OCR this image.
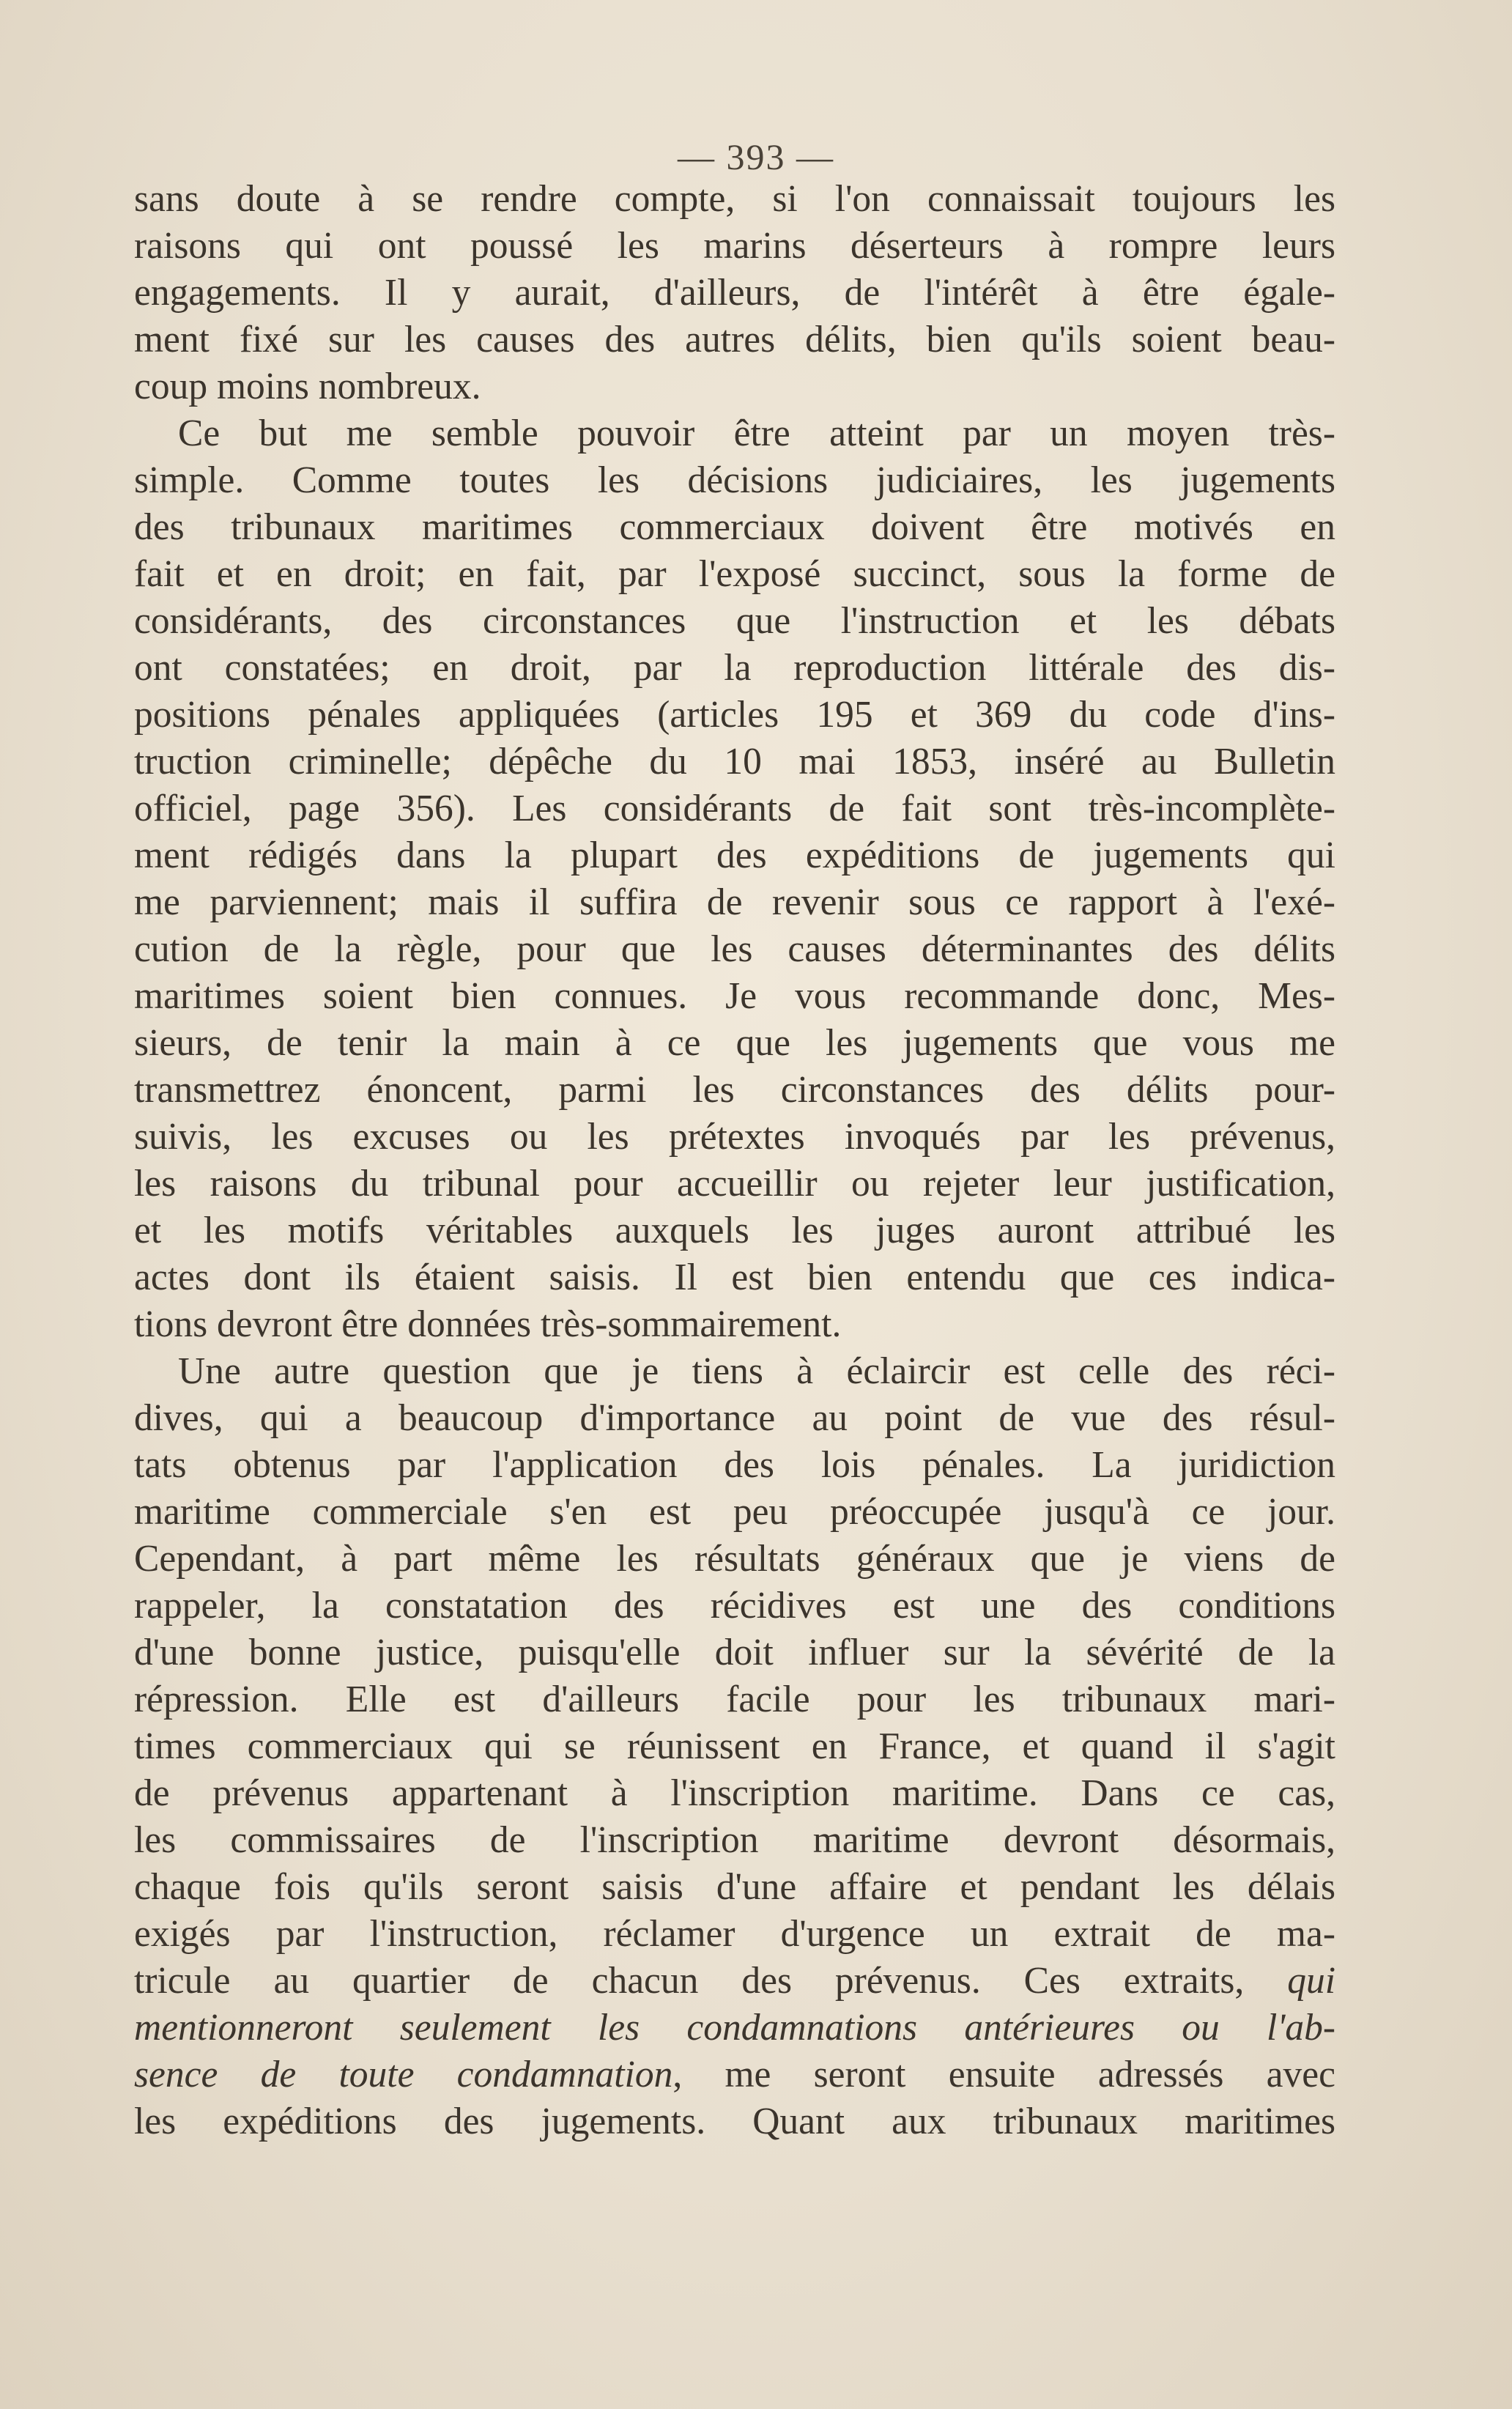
— 393 —
sans doute à se rendre compte, si l'on connaissait toujours les
raisons qui ont poussé les marins déserteurs à rompre leurs
engagements. Il y aurait, d'ailleurs, de l'intérêt à être égale-
ment fixé sur les causes des autres délits, bien qu'ils soient beau-
coup moins nombreux.
Ce but me semble pouvoir être atteint par un moyen très-
simple. Comme toutes les décisions judiciaires, les jugements
des tribunaux maritimes commerciaux doivent être motivés en
fait et en droit; en fait, par l'exposé succinct, sous la forme de
considérants, des circonstances que l'instruction et les débats
ont constatées; en droit, par la reproduction littérale des dis-
positions pénales appliquées (articles 195 et 369 du code d'ins-
truction criminelle; dépêche du 10 mai 1853, inséré au Bulletin
officiel, page 356). Les considérants de fait sont très-incomplète-
ment rédigés dans la plupart des expéditions de jugements qui
me parviennent; mais il suffira de revenir sous ce rapport à l'exé-
cution de la règle, pour que les causes déterminantes des délits
maritimes soient bien connues. Je vous recommande donc, Mes-
sieurs, de tenir la main à ce que les jugements que vous me
transmettrez énoncent, parmi les circonstances des délits pour-
suivis, les excuses ou les prétextes invoqués par les prévenus,
les raisons du tribunal pour accueillir ou rejeter leur justification,
et les motifs véritables auxquels les juges auront attribué les
actes dont ils étaient saisis. Il est bien entendu que ces indica-
tions devront être données très-sommairement.
Une autre question que je tiens à éclaircir est celle des réci-
dives, qui a beaucoup d'importance au point de vue des résul-
tats obtenus par l'application des lois pénales. La juridiction
maritime commerciale s'en est peu préoccupée jusqu'à ce jour.
Cependant, à part même les résultats généraux que je viens de
rappeler, la constatation des récidives est une des conditions
d'une bonne justice, puisqu'elle doit influer sur la sévérité de la
répression. Elle est d'ailleurs facile pour les tribunaux mari-
times commerciaux qui se réunissent en France, et quand il s'agit
de prévenus appartenant à l'inscription maritime. Dans ce cas,
les commissaires de l'inscription maritime devront désormais,
chaque fois qu'ils seront saisis d'une affaire et pendant les délais
exigés par l'instruction, réclamer d'urgence un extrait de ma-
tricule au quartier de chacun des prévenus. Ces extraits, qui
mentionneront seulement les condamnations antérieures ou l'ab-
sence de toute condamnation, me seront ensuite adressés avec
les expéditions des jugements. Quant aux tribunaux maritimes
